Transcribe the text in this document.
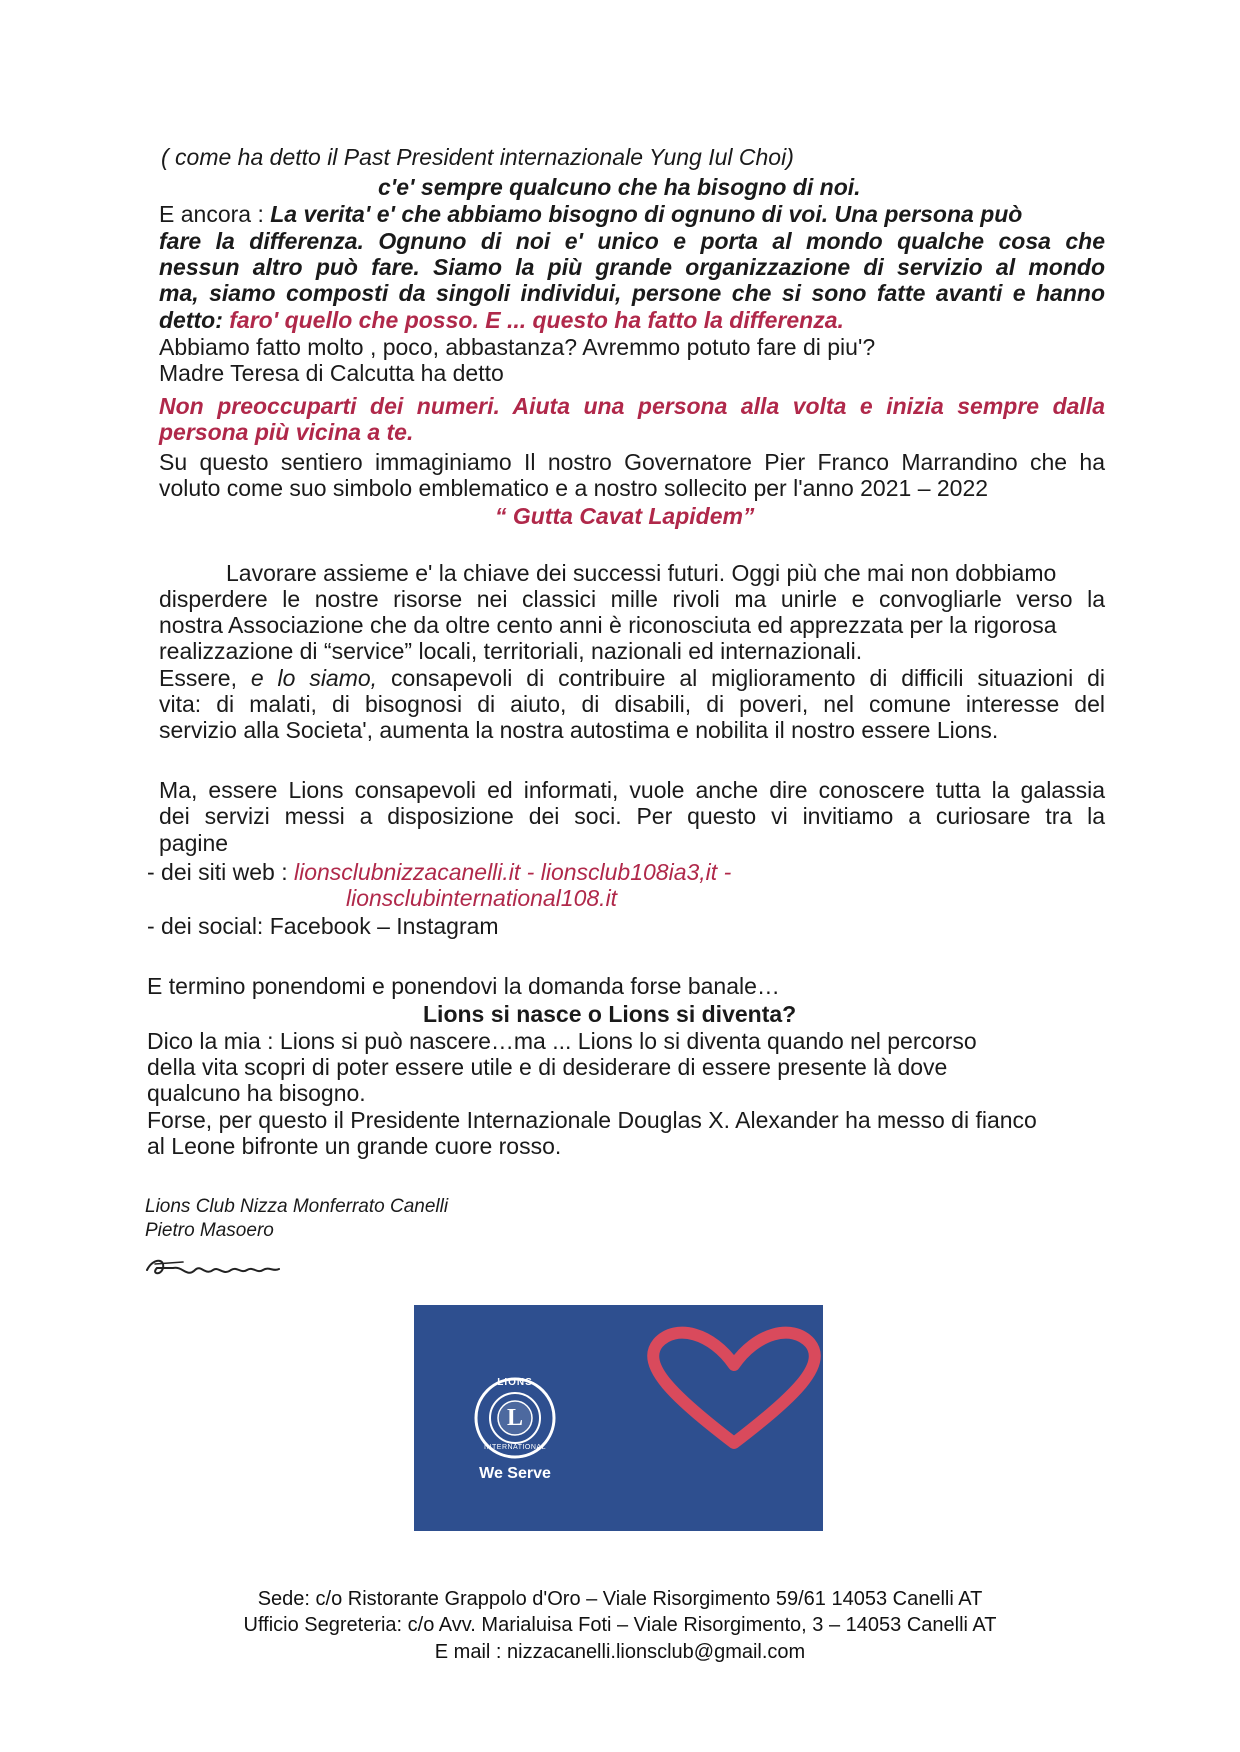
( come ha detto il Past President internazionale Yung Iul Choi)
c'e' sempre qualcuno che ha bisogno di noi.
E ancora : La verita' e' che abbiamo bisogno di ognuno di voi. Una persona può
fare la differenza. Ognuno di noi e' unico e porta al mondo qualche cosa che
nessun altro può fare. Siamo la più grande organizzazione di servizio al mondo
ma, siamo composti da singoli individui, persone che si sono fatte avanti e hanno
detto: faro' quello che posso. E ... questo ha fatto la differenza.
Abbiamo fatto molto , poco, abbastanza? Avremmo potuto fare di piu'?
Madre Teresa di Calcutta ha detto
Non preoccuparti dei numeri. Aiuta una persona alla volta e inizia sempre dalla
persona più vicina a te.
Su questo sentiero immaginiamo Il nostro Governatore Pier Franco Marrandino che ha
voluto come suo simbolo emblematico e a nostro sollecito per l'anno 2021 – 2022
“ Gutta Cavat Lapidem”
Lavorare assieme e' la chiave dei successi futuri. Oggi più che mai non dobbiamo
disperdere le nostre risorse nei classici mille rivoli ma unirle e convogliarle verso la
nostra Associazione che da oltre cento anni è riconosciuta ed apprezzata per la rigorosa
realizzazione di “service” locali, territoriali, nazionali ed internazionali.
Essere, e lo siamo, consapevoli di contribuire al miglioramento di difficili situazioni di
vita: di malati, di bisognosi di aiuto, di disabili, di poveri, nel comune interesse del
servizio alla Societa', aumenta la nostra autostima e nobilita il nostro essere Lions.
Ma, essere Lions consapevoli ed informati, vuole anche dire conoscere tutta la galassia
dei servizi messi a disposizione dei soci. Per questo vi invitiamo a curiosare tra la
pagine
- dei siti web : lionsclubnizzacanelli.it - lionsclub108ia3,it -
lionsclubinternational108.it
- dei social: Facebook – Instagram
E termino ponendomi e ponendovi la domanda forse banale…
Lions si nasce o Lions si diventa?
Dico la mia : Lions si può nascere…ma ... Lions lo si diventa quando nel percorso
della vita scopri di poter essere utile e di desiderare di essere presente là dove
qualcuno ha bisogno.
Forse, per questo il Presidente Internazionale Douglas X. Alexander ha messo di fianco
al Leone bifronte un grande cuore rosso.
Lions Club Nizza Monferrato Canelli
Pietro Masoero
LIONS
L
INTERNATIONAL
We Serve
Sede: c/o Ristorante Grappolo d'Oro – Viale Risorgimento 59/61 14053 Canelli AT
Ufficio Segreteria: c/o Avv. Marialuisa Foti – Viale Risorgimento, 3 – 14053 Canelli AT
E mail : nizzacanelli.lionsclub@gmail.com
